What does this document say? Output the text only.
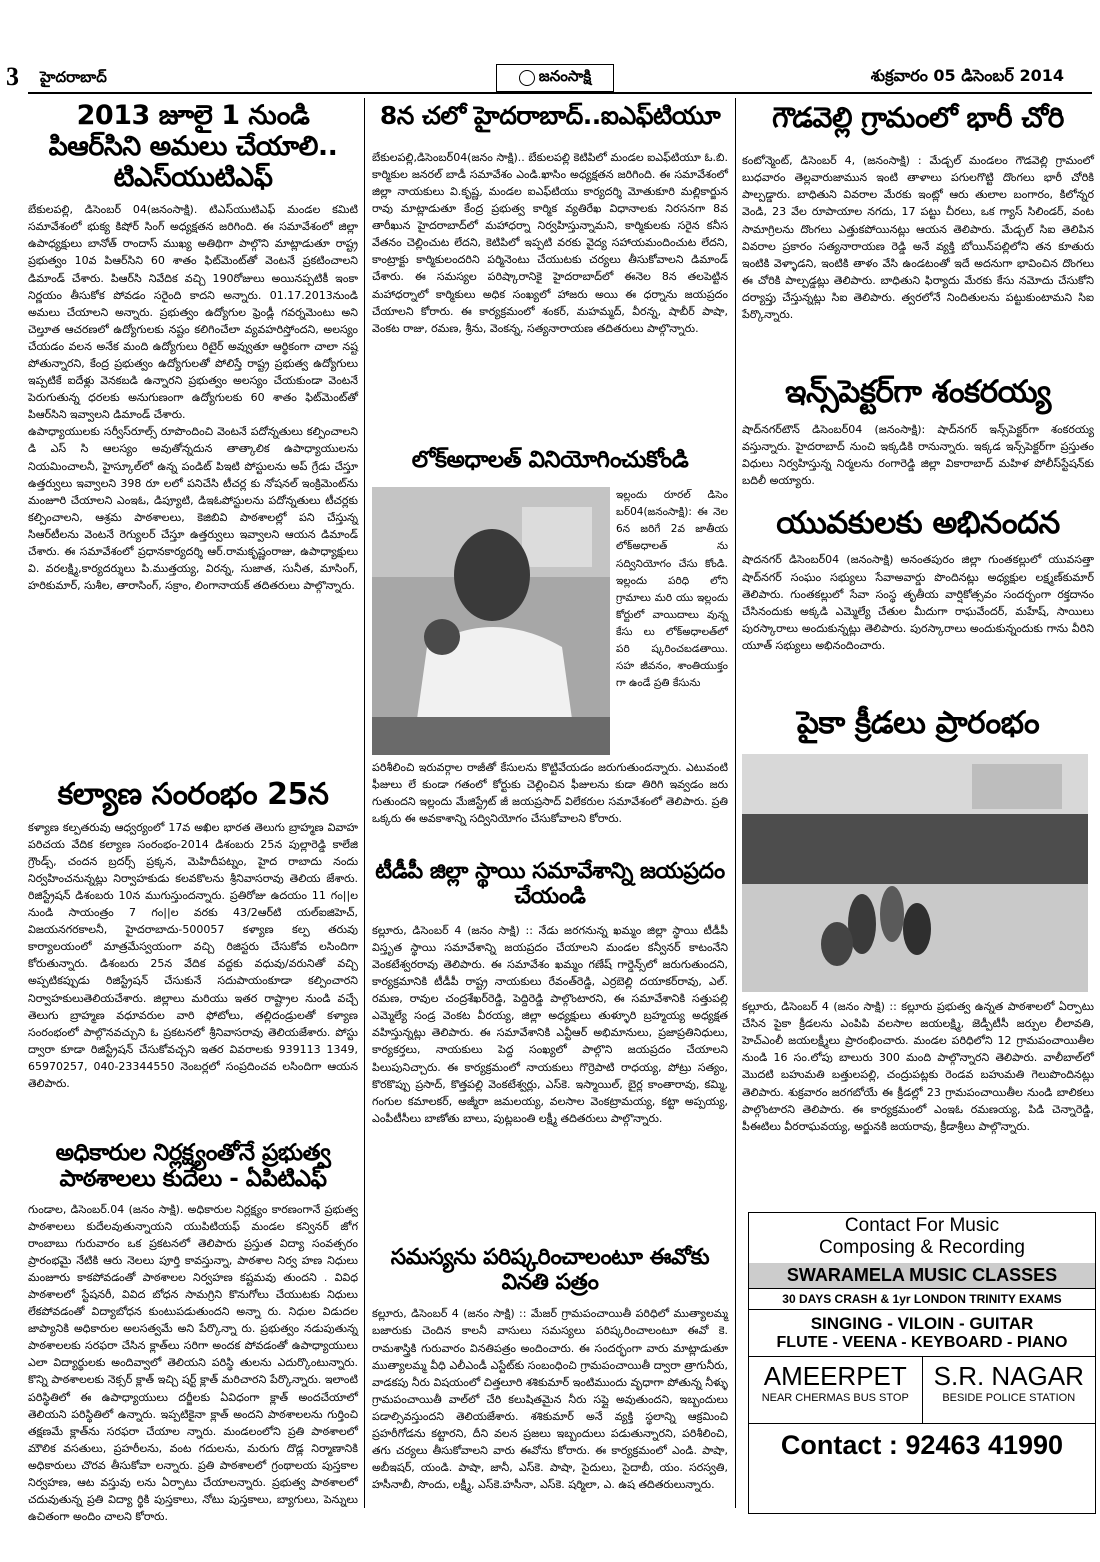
3 హైదరాబాద్‌	జనంసాక్షి	శుక్రవారం 05 డిసెంబర్‌ 2014
2013 జూలై 1 నుండి పిఆర్‌సిని అమలు చేయాలి.. టిఎస్‌యుటిఎఫ్‌

బేకులపల్లి, డిసెంబర్‌ 04(జనంసాక్షి). టిఎస్‌యుటిఎఫ్‌ మండల కమిటి సమావేశంలో భుక్య కిషోర్‌ సింగ్‌ అధ్యక్షతన జరిగింది. ఈ సమావేశంలో జిల్లా ఉపాధ్యక్షులు బానోత్‌ రాందాస్‌ ముఖ్య అతిథిగా పాల్గొని మాట్లాడుతూ రాష్ట్ర ప్రభుత్వం 10వ పిఆర్‌సిని 60 శాతం ఫిట్‌మెంట్‌తో వెంటనే ప్రకటించాలని డిమాండ్‌ చేశారు. పిఆర్‌సి నివేదిక వచ్చి 190రోజులు అయినప్పటికీ ఇంకా నిర్ణయం తీసుకోక పోవడం సరైంది కాదని అన్నారు. 01.17.2013నుండి అమలు చేయాలని అన్నారు. ప్రభుత్వం ఉద్యోగుల ఫ్రెండ్లీ గవర్నమెంటు అని చెల్తూత ఆచరణలో ఉద్యోగులకు నష్టం కలిగించేలా వ్యవహరిస్తోందని, అలస్యం చేయడం వలన అనేక మంది ఉద్యోగులు రిటైర్‌ అవ్వుతూ ఆర్థికంగా చాలా నష్ట పోతున్నారని, కేంద్ర ప్రభుత్వం ఉద్యోగులతో పోలిస్తే రాష్ట్ర ప్రభుత్వ ఉద్యోగులు ఇప్పటికే ఐదేళ్లు వెనకబడి ఉన్నారని ప్రభుత్వం అలస్యం చేయకుండా వెంటనే పెరుగుతున్న ధరలకు అనుగుణంగా ఉద్యోగులకు 60 శాతం ఫిట్‌మెంట్‌తో పిఆర్‌సిని ఇవ్వాలని డిమాండ్‌ చేశారు.
ఉపాధ్యాయులకు సర్వీస్‌రూల్స్‌ రూపొందించి వెంటనే పదోన్నతులు కల్పించాలని డి ఎస్‌ సి ఆలస్యం అవుతోన్నదున తాత్కాలిక ఉపాధ్యాయులను నియమించాలనీ, హైస్కూల్‌లో ఉన్న పండిట్‌ పిఇటి పోస్టులను అప్‌ గ్రేడు చేస్తూ ఉత్తర్వులు ఇవ్వాలని 398 రూ లలో పనిచేసి టీచర్ల కు నోషనల్‌ ఇంక్రిమెంట్‌ను మంజూరి చేయాలని ఎంఇఓ, డిప్యూటి, డిఇఓపోస్టులను పదోన్నతులు టీచర్లకు కల్పించాలని, ఆశ్రమ పాఠశాలలు, కెజిబివి పాఠశాలల్లో పని చేస్తున్న సిఆర్‌టీలను వెంటనే రెగ్యులర్‌ చేస్తూ ఉత్తర్వులు ఇవ్వాలని ఆయన డిమాండ్‌ చేశారు. ఈ సమావేశంలో ప్రధానకార్యదర్శి ఆర్‌.రామకృష్ణంరాజు, ఉపాధ్యాక్షులు వి. వరలక్ష్మి,కార్యదర్శులు పి.ముత్తయ్య, విరన్న, సుజాత, సునీత, మాసింగ్‌, హరికుమార్‌, సుశీల, తారాసింగ్‌, సక్రాం, లింగానాయక్‌ తదితరులు పాల్గొన్నారు.

కల్యాణ సంరంభం 25న

కళ్యాణ కల్పతరువు ఆధ్వర్యంలో 17వ అఖిల భారత తెలుగు బ్రాహ్మణ వివాహ పరిచయ వేదిక కల్యాణ సంరంభం-2014 డిశంబరు 25న పుల్లారెడ్డి కాలేజి గ్రౌండ్స్‌, చందన బ్రదర్స్‌ ప్రక్కన, మెహిదీపట్నం, హైద రాబాదు నందు నిర్వహించనున్నట్లు నిర్వాహకుడు కలవకొలను శ్రీనివాసరావు తెలియ జేశారు. రిజిస్ట్రేషన్‌ డిశంబరు 10న ముగుస్తుందన్నారు. ప్రతిరోజు ఉదయం 11 గం||ల నుండి సాయంత్రం 7 గం||ల వరకు 43/2ఆర్‌టి యల్‌ఐజిహెచ్‌, విజయనగరకాలనీ, హైదరాబాదు-500057 కళ్యాణ కల్ప తరువు కార్యాలయంలో మాత్రమేస్వయంగా వచ్చి రిజిస్టరు చేసుకోవ లసిందిగా కోరుతున్నారు. డిశంబరు 25న వేదిక వద్దకు వధువు/వరునితో వచ్చి అప్పటికప్పుడు రిజిస్ట్రేషన్‌ చేసుకునే సదుపాయంకూడా కల్పించారని నిర్వాహకులుతెలియచేశారు. జిల్లాలు మరియు ఇతర రాష్ట్రాల నుండి వచ్చే తెలుగు బ్రాహ్మణ వధూవరుల వారి ఫోటోలు, తల్లిదండ్రులతో కళ్యాణ సంరంభంలో పాల్గొనవచ్చుని ఓ ప్రకటనలో శ్రీనివాసరావు తెలియజేశారు. పోస్టు ద్వారా కూడా రిజిస్ట్రేషన్‌ చేసుకోవచ్చని ఇతర వివరాలకు 939113 1349, 65970257, 040-23344550 నెంబర్లలో సంప్రదించవ లసిందిగా ఆయన తెలిపారు.

అధికారుల నిర్లక్ష్యంతోనే ప్రభుత్వ పాఠశాలలు కుదేలు - ఏపిటిఎఫ్‌

గుండాల, డిసెంబర్‌.04 (జనం సాక్షి). అధికారుల నిర్లక్ష్యం కారణంగానే ప్రభుత్వ పాఠశాలలు కుదేలవుతున్నాయని యుపిటియఫ్‌ మండల కన్వినర్‌ జోగ రాంబాబు గురువారం ఒక ప్రకటనలో తెలిపారు ప్రస్తుత విద్యా సంవత్సరం ప్రారంభమై నేటికి ఆరు నెలలు పూర్తి కావస్తున్నా, పాఠశాల నిర్వ హణ నిధులు మంజూరు కాకపోవడంతో పాఠశాలల నిర్వహణ కష్టమవు తుందని . వివిధ పాఠశాలలో స్టేషనరీ, వివిద బోధన సామగ్రిని కొనుగోలు చేయుటకు నిధులు లేకపోవడంతో విద్యాబోధన కుంటుపడుతుందని అన్నా రు. నిధుల విడుదల జాప్యానికి అధికారుల అలసత్వమే అని పేర్కొన్నా రు. ప్రభుత్వం నడుపుతున్న పాఠశాలలకు సరఫరా చేసిన క్లాత్‌లు సరిగా అందక పోవడంతో ఉపాధ్యాయులు ఎలా విద్యార్థులకు అందివ్వాలో తెలియని పరిస్థి తులను ఎదుర్కొంటున్నారు. కొన్ని పాఠశాలలకు నెక్సర్‌ క్లాత్‌ ఇచ్చి షర్ట్‌ క్లాత్‌ మరిచారని పేర్కొన్నారు. ఇలాంటి పరిస్థితిలో ఈ ఉపాధ్యాయులు దర్జీలకు ఏవిధంగా క్లాత్‌ అందచేయాలో తెలియని పరిస్థితిలో ఉన్నారు. ఇప్పటికైనా క్లాత్‌ అందని పాఠశాలలను గుర్తించి తక్షణమే క్లాత్‌ను సరఫరా చేయాల న్నారు. మండలంలోని ప్రతి పాఠశాలలో మౌలిక వసతులు, ప్రహరీలను, వంట గదులను, మరుగు దొడ్ల నిర్మాణానికి అధికారులు చొరవ తీసుకోవా లన్నారు. ప్రతి పాఠశాలలో గ్రంథాలయ పుస్తకాల నిర్వహణ, ఆట వస్తువు లను ఏర్పాటు చేయాలన్నారు. ప్రభుత్వ పాఠశాలలో చదువుతున్న ప్రతి విద్యా ర్థికి పుస్తకాలు, నోటు పుస్తకాలు, బ్యాగులు, పెన్నులు ఉచితంగా అందిం చాలని కోరారు.

8న చలో హైదరాబాద్‌..ఐఎఫ్‌టియూ

బేకులపల్లి,డిసెంబర్‌04(జనం సాక్షి).. బేకులపల్లి కెటిపిలో మండల ఐఎఫ్‌టియూ ఓ.బి. కార్మికుల జనరల్‌ బాడీ సమావేశం ఎండి.ఖాసిం అధ్యక్షతన జరిగింది. ఈ సమావేశంలో జిల్లా నాయకులు వి.కృష్ణ, మండల ఐఎఫ్‌టియు కార్యదర్శి మోతుకూరి మల్లికార్జున రావు మాట్లాడుతూ కేంద్ర ప్రభుత్వ కార్మిక వ్యతిరేఖ విధానాలకు నిరసనగా 8వ తారీఖున హైదరాబాద్‌లో మహాధర్నా నిర్వహిస్తున్నామని, కార్మికులకు సరైన కనీస వేతనం చెల్లించుట లేదని, కెటిపిలో ఇప్పటి వరకు వైద్య సహాయమందించుట లేదని, కాంట్రాక్టు కార్మికులందరిని పర్మినెంటు చేయుటకు చర్యలు తీసుకోవాలని డిమాండ్‌ చేశారు. ఈ సమస్యల పరిష్కారానికై హైదరాబాద్‌లో ఈనెల 8న తలపెట్టిన మహాధర్నాలో కార్మికులు అధిక సంఖ్యలో హాజరు అయి ఈ ధర్నాను జయప్రదం చేయాలని కోరారు. ఈ కార్యక్రమంలో శంకర్‌, మహమ్మద్‌, వీరన్న, షాబీర్‌ పాషా, వెంకట రాజు, రమణ, శ్రీను, వెంకన్న, సత్యనారాయణ తదితరులు పాల్గొన్నారు.

లోక్‌అధాలత్‌ వినియోగించుకోండి

ఇల్లందు రూరల్‌ డిసెం బర్‌04(జనంసాక్షి): ఈ నెల 6న జరిగే 2వ జాతీయ లోక్‌అధాలత్‌ ను సద్వినియోగం చేసు కోండి. ఇల్లందు పరిధి లోని గ్రామాలు మరి యు ఇల్లందు కోర్టులో వాయిదాలు వున్న కేసు లు లోక్‌అధాలత్‌లో పరి ష్కరించబడతాయి. సహ జీవనం, శాంతియుక్తం గా ఉండే ప్రతి కేసును

పరిశీలించి ఇరువర్గాల రాజీతో కేసులను కొట్టివేయడం జరుగుతుందన్నారు. ఎటువంటి ఫీజులు లే కుండా గతంలో కోర్టుకు చెల్లించిన ఫీజులను కుడా తిరిగి ఇవ్వడం జరు గుతుందని ఇల్లందు మేజిస్ట్రేట్‌ జీ జయప్రసాద్‌ విలేకరుల సమావేశంలో తెలిపారు. ప్రతి ఒక్కరు ఈ అవకాశాన్ని సద్వినియోగం చేసుకోవాలని కోరారు.

టీడీపీ జిల్లా స్థాయి సమావేశాన్ని జయప్రదం చేయండి

కల్లూరు, డిసెంబర్‌ 4 (జనం సాక్షి) :: నేడు జరగనున్న ఖమ్మం జిల్లా స్థాయి టీడీపీ విస్తృత స్థాయి సమావేశాన్ని జయప్రదం చేయాలని మండల కన్వీనర్‌ కాటంనేని వెంకటేశ్వరరావు తెలిపారు. ఈ సమావేశం ఖమ్మం గణేష్‌ గార్డెన్స్‌లో జరుగుతుందని, కార్యక్రమానికి టీడీపీ రాష్ట్ర నాయకులు రేవంత్‌రెడ్డి, ఎర్రబెల్లి దయాకర్‌రావు, ఎల్‌. రమణ, రావుల చంద్రశేఖర్‌రెడ్డి, పెద్దిరెడ్డి పాల్గొంటారని, ఈ సమావేశానికి సత్తుపల్లి ఎమ్మెల్యే సండ్ర వెంకట వీరయ్య, జిల్లా అధ్యక్షులు తుళ్ళూరి బ్రహ్మయ్య అధ్యక్షత వహిస్తున్నట్లు తెలిపారు. ఈ సమావేశానికి ఎన్టీఆర్‌ అభిమానులు, ప్రజాప్రతినిధులు, కార్యకర్తలు, నాయకులు పెద్ద సంఖ్యలో పాల్గొని జయప్రదం చేయాలని పిలుపునిచ్చారు. ఈ కార్యక్రమంలో నాయకులు గొర్రెపాటి రాధయ్య, పోట్రు సత్యం, కొరకొప్పు ప్రసాద్‌, కొత్తపల్లి వెంకటేశ్వర్లు, ఎస్‌కె. ఇస్మాయిల్‌, బైర్ల కాంతారావు, కమ్మి, గంగుల కమాలకర్‌, అజ్మీరా జమలయ్య, వలసాల వెంకట్రామయ్య, కట్టా అప్పయ్య, ఎంపీటీసీలు బాణోతు బాలు, పుట్లబంతి లక్ష్మీ తదితరులు పాల్గొన్నారు.

సమస్యను పరిష్కరించాలంటూ ఈవోకు వినతి పత్రం

కల్లూరు, డిసెంబర్‌ 4 (జనం సాక్షి) :: మేజర్‌ గ్రామపంచాయితీ పరిధిలో ముత్యాలమ్మ బజారుకు చెందిన కాలనీ వాసులు సమస్యలు పరిష్కరించాలంటూ ఈవో కె. రామశాస్త్రికి గురువారం వినతిపత్రం అందించారు. ఈ సందర్భంగా వారు మాట్లాడుతూ ముత్యాలమ్మ వీధి ఎలీఎండీ ఎస్టేట్‌కు సంబంధించి గ్రామపంచాయితీ ద్వారా త్రాగునీరు, వాడకపు నీరు విషయంలో చిత్తలూరి శశికుమార్‌ ఇంటిముందు వృధాగా పోతున్న నీళ్ళు గ్రామపంచాయితీ వాల్‌లో చేరి కలుషితమైన నీరు సప్లై అవుతుందని, ఇబ్బందులు పడాల్సివస్తుందని తెలియజేశారు. శశికుమార్‌ అనే వ్యక్తి స్థలాన్ని ఆక్రమించి ప్రహరీగోడను కట్టారని, దీని వలన ప్రజలు ఇబ్బందులు పడుతున్నారని, పరిశీలించి, తగు చర్యలు తీసుకోవాలని వారు ఈవోను కోరారు. ఈ కార్యక్రమంలో ఎండి. పాషా, అబీఇషర్‌, యండి. పాషా, జానీ, ఎస్‌కె. పాషా, సైదులు, సైదాబీ, యం. సరస్వతి, హసీనాబీ, సొందు, లక్ష్మీ, ఎస్‌కె.హసీనా, ఎస్‌కె. షర్మిలా, ఎ. ఉష తదితరులున్నారు.

గౌడవెల్లి గ్రామంలో భారీ చోరి

కంటోన్మెంట్‌, డిసెంబర్‌ 4, (జనంసాక్షి) : మేడ్చల్‌ మండలం గౌడవెల్లి గ్రామంలో బుధవారం తెల్లవారుజామున ఇంటి తాళాలు పగులగొట్టి దొంగలు భారీ చోరికి పాల్పడ్డారు. బాధితుని వివరాల మేరకు ఇంట్లో ఆరు తులాల బంగారం, కిలోన్నర వెండి, 23 వేల రూపాయాల నగదు, 17 పట్టు చీరలు, ఒక గ్యాస్‌ సిలిండర్‌, వంట సామాగ్రిలను దొంగలు ఎత్తుకపోయినట్లు ఆయన తెలిపారు. మేడ్చల్‌ సిఐ తెలిపిన వివరాల ప్రకారం సత్యనారాయణ రెడ్డి అనే వ్యక్తి బోయిన్‌పల్లిలోని తన కూతురు ఇంటికి వెళ్ళాడని, ఇంటికి తాళం వేసి ఉండటంతో ఇదే అదనుగా భావించిన దొంగలు ఈ చోరికి పాల్పడ్డట్లు తెలిపారు. బాధితుని ఫిర్యాదు మేరకు కేసు నమోదు చేసుకోని దర్యాప్తు చేస్తున్నట్లు సిఐ తెలిపారు. త్వరలోనే నిందితులను పట్టుకుంటామని సిఐ పేర్కొన్నారు.

ఇన్స్‌పెక్టర్‌గా శంకరయ్య

షాద్‌నగర్‌టౌన్‌ డిసెంబర్‌04 (జనంసాక్షి): షాద్‌నగర్‌ ఇన్స్‌పెక్టర్‌గా శంకరయ్య వస్తున్నారు. హైదరాబాద్‌ నుంచి ఇక్కడికి రానున్నారు. ఇక్కడ ఇన్స్‌పెక్టర్‌గా ప్రస్తుతం విధులు నిర్వహిస్తున్న నిర్మలను రంగారెడ్డి జిల్లా వికారాబాద్‌ మహిళ పోలీస్‌స్టేషన్‌కు బదిలీ అయ్యారు.

యువకులకు అభినందన

షాదనగర్‌ డిసెంబర్‌04 (జనంసాక్షి) అనంతపురం జిల్లా గుంతకల్లులో యువసత్తా షాద్‌నగర్‌ సంఘం సభ్యులు సేవాఅవార్డు పొందినట్లు అధ్యక్షుల లక్ష్మణ్‌కుమార్‌ తెలిపారు. గుంతకల్లులో సేవా సంస్థ తృతీయ వార్షికోత్సవం సందర్బంగా రక్తదానం చేసినందుకు అక్కడి ఎమ్మెల్యే చేతుల మీదుగా రాఘవేందర్‌, మహేష్‌, సాయిలు పురస్కారాలు అందుకున్నట్లు తెలిపారు. పురస్కారాలు అందుకున్నందుకు గాను వీరిని యూత్‌ సభ్యులు అభినందించారు.

పైకా క్రీడలు ప్రారంభం

కల్లూరు, డిసెంబర్‌ 4 (జనం సాక్షి) :: కల్లూరు ప్రభుత్వ ఉన్నత పాఠశాలలో ఏర్పాటు చేసిన పైకా క్రీడలను ఎంపిపి వలసాల జయలక్ష్మి, జెడ్పీటీసీ జర్పుల లీలావతి, హెచ్‌ఎంలీ జయలక్ష్మీలు ప్రారంభించారు. మండల పరిధిలోని 12 గ్రామపంచాయితీల నుండి 16 సం.లోపు బాలురు 300 మంది పాల్గొన్నారని తెలిపారు. వాలీబాల్‌లో మొదటి బహుమతి బత్తులపల్లి, చంద్రుపట్లకు రెండవ బహుమతి గెలుపొందినట్లు తెలిపారు. శుక్రవారం జరగబోయే ఈ క్రీడల్లో 23 గ్రామపంచాయితీల నుండి బాలికలు పాల్గొంటారని తెలిపారు. ఈ కార్యక్రమంలో ఎంఇఓ రమణయ్య, పిడి చెన్నారెడ్డి, పీఈటిలు వీరరాఘవయ్య, అర్జునకి జయరావు, క్రీడాశ్రీలు పాల్గొన్నారు.

Contact For Music
Composing & Recording
SWARAMELA MUSIC CLASSES
30 DAYS CRASH & 1yr LONDON TRINITY EXAMS
SINGING - VILOIN - GUITAR
FLUTE - VEENA - KEYBOARD - PIANO
AMEERPET
NEAR CHERMAS BUS STOP
S.R. NAGAR
BESIDE POLICE STATION
Contact : 92463 41990
